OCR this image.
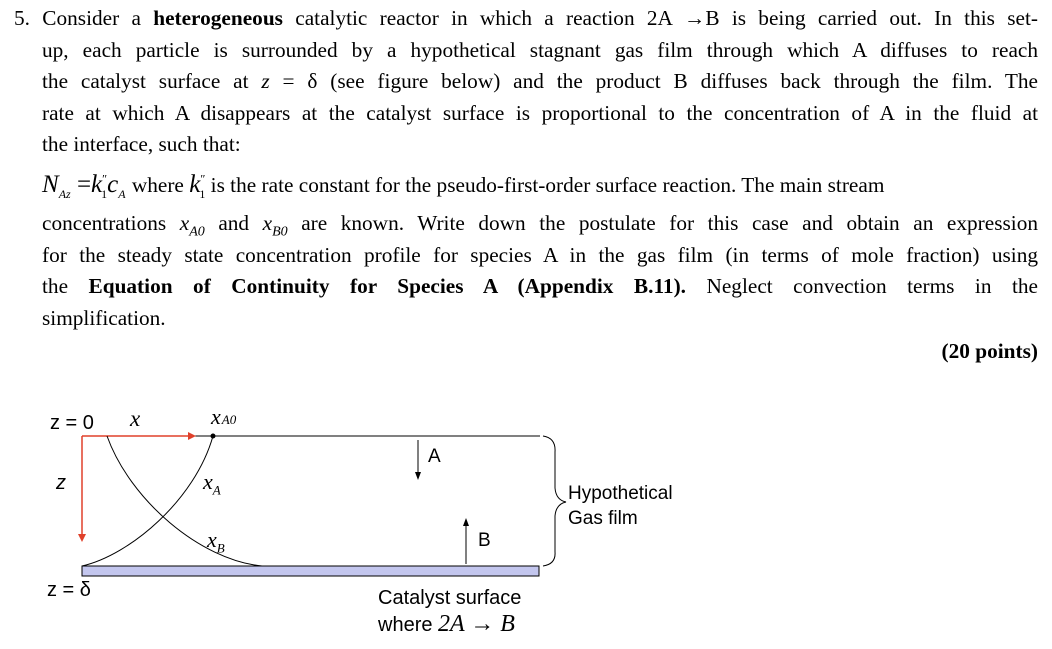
5. Consider a heterogeneous catalytic reactor in which a reaction 2A →B is being carried out. In this set-
up, each particle is surrounded by a hypothetical stagnant gas film through which A diffuses to reach
the catalyst surface at z = δ (see figure below) and the product B diffuses back through the film. The
rate at which A disappears at the catalyst surface is proportional to the concentration of A in the fluid at
the interface, such that:
$N_{Az} =k''_1c_A$ where $k''_1$ is the rate constant for the pseudo-first-order surface reaction. The main stream
concentrations $x_{A0}$ and $x_{B0}$ are known. Write down the postulate for this case and obtain an expression
for the steady state concentration profile for species A in the gas film (in terms of mole fraction) using
the Equation of Continuity for Species A (Appendix B.11). Neglect convection terms in the
simplification.
(20 points)
z = 0 x
z
z = δ
xA0
$x_A$
$x_B$
A
B
Hypothetical
Gas film
Catalyst surface
where 2A → B
